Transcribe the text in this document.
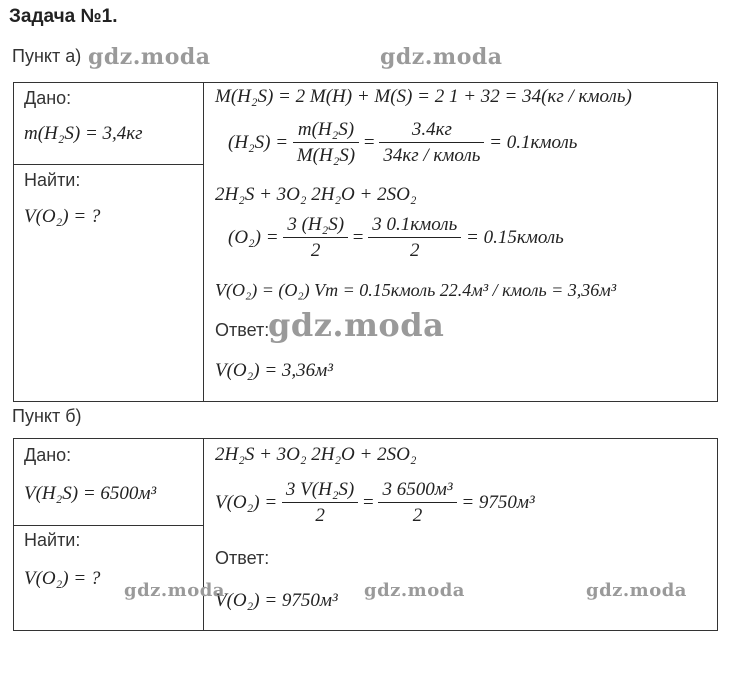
Задача №1.
Пункт а)
Дано:
m(H₂S) = 3,4кг
Найти:
V(O₂) = ?
M(H₂S) = 2 M(H) + M(S) = 2 1 + 32 = 34(кг / кмоль)
$(H_2S) = \frac{\text{m(H₂S)}}{\text{M(H₂S)}} = \frac{3.4кг}{\text{34кг / кмоль}}$ = 0.1кмоль
2H₂S + 3O₂ 2H₂O + 2SO₂
$(O_2) = \frac{\text{3 (H₂S)}}{2} = \frac{\text{3 0.1кмоль}}{2}$ = 0.15кмоль
V(O₂) = (O₂) Vm = 0.15кмоль 22.4м³ / кмоль = 3,36м³
Ответ:
V(O₂) = 3,36м³
Пункт б)
Дано:
V(H₂S) = 6500м³
Найти:
V(O₂) = ?
2H₂S + 3O₂ 2H₂O + 2SO₂
$V(O_2) = \frac{\text{3 V(H₂S)}}{2} = \frac{\text{3 6500м³}}{2} = 9750м^3$
Ответ:
V(O₂) = 9750м³
gdz.moda	gdz.moda
gdz.moda
gdz.moda	gdz.moda	gdz.moda
